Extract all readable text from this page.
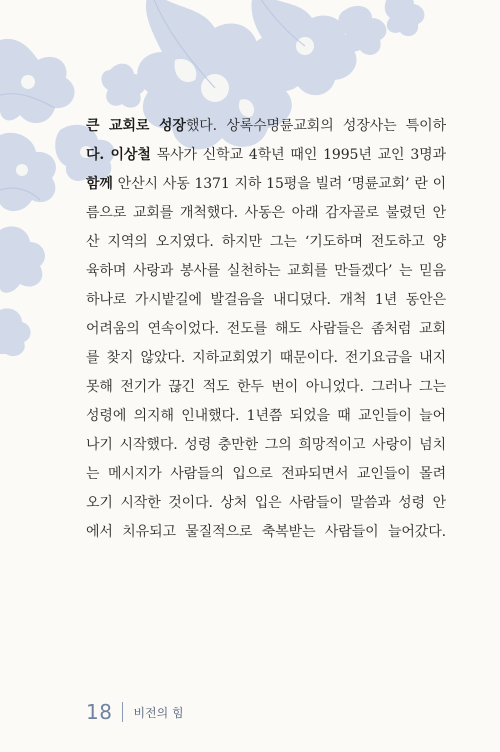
큰 교회로 성장했다. 상록수명륜교회의 성장사는 특이하
다. 이상철 목사가 신학교 4학년 때인 1995년 교인 3명과
함께 안산시 사동 1371 지하 15평을 빌려 ‘명륜교회’ 란 이
름으로 교회를 개척했다. 사동은 아래 감자골로 불렸던 안
산 지역의 오지였다. 하지만 그는 ‘기도하며 전도하고 양
육하며 사랑과 봉사를 실천하는 교회를 만들겠다’ 는 믿음
하나로 가시밭길에 발걸음을 내디뎠다. 개척 1년 동안은
어려움의 연속이었다. 전도를 해도 사람들은 좀처럼 교회
를 찾지 않았다. 지하교회였기 때문이다. 전기요금을 내지
못해 전기가 끊긴 적도 한두 번이 아니었다. 그러나 그는
성령에 의지해 인내했다. 1년쯤 되었을 때 교인들이 늘어
나기 시작했다. 성령 충만한 그의 희망적이고 사랑이 넘치
는 메시지가 사람들의 입으로 전파되면서 교인들이 몰려
오기 시작한 것이다. 상처 입은 사람들이 말씀과 성령 안
에서 치유되고 물질적으로 축복받는 사람들이 늘어갔다.
18 비전의 힘
